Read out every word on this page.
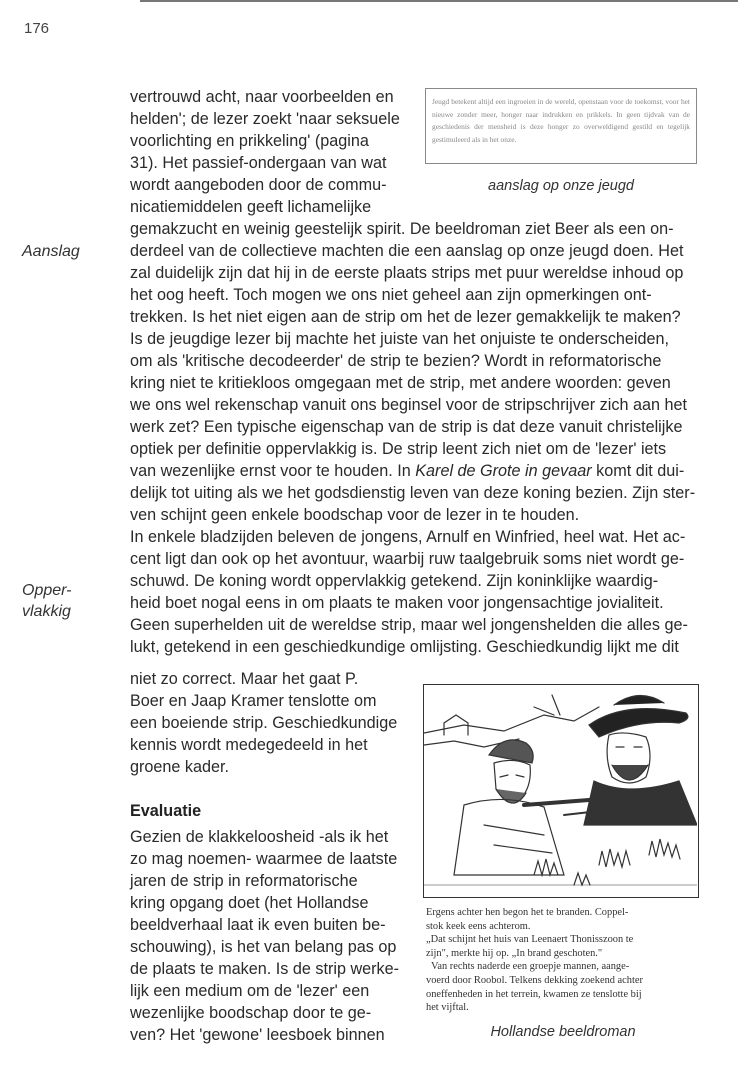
176
Aanslag
Opper-
vlakkig
vertrouwd acht, naar voorbeelden en
helden'; de lezer zoekt 'naar seksuele
voorlichting en prikkeling' (pagina
31). Het passief-ondergaan van wat
wordt aangeboden door de commu-
nicatiemiddelen geeft lichamelijke
Jeugd betekent altijd een ingroeien in de wereld, openstaan voor de toekomst, voor het nieuwe zonder meer, honger naar indrukken en prikkels. In geen tijdvak van de geschiedenis der mensheid is deze honger zo overweldigend gestild en tegelijk gestimuleerd als in het onze.
aanslag op onze jeugd
gemakzucht en weinig geestelijk spirit. De beeldroman ziet Beer als een on-
derdeel van de collectieve machten die een aanslag op onze jeugd doen. Het
zal duidelijk zijn dat hij in de eerste plaats strips met puur wereldse inhoud op
het oog heeft. Toch mogen we ons niet geheel aan zijn opmerkingen ont-
trekken. Is het niet eigen aan de strip om het de lezer gemakkelijk te maken?
Is de jeugdige lezer bij machte het juiste van het onjuiste te onderscheiden,
om als 'kritische decodeerder' de strip te bezien? Wordt in reformatorische
kring niet te kritiekloos omgegaan met de strip, met andere woorden: geven
we ons wel rekenschap vanuit ons beginsel voor de stripschrijver zich aan het
werk zet? Een typische eigenschap van de strip is dat deze vanuit christelijke
optiek per definitie oppervlakkig is. De strip leent zich niet om de 'lezer' iets
van wezenlijke ernst voor te houden. In Karel de Grote in gevaar komt dit dui-
delijk tot uiting als we het godsdienstig leven van deze koning bezien. Zijn ster-
ven schijnt geen enkele boodschap voor de lezer in te houden.
In enkele bladzijden beleven de jongens, Arnulf en Winfried, heel wat. Het ac-
cent ligt dan ook op het avontuur, waarbij ruw taalgebruik soms niet wordt ge-
schuwd. De koning wordt oppervlakkig getekend. Zijn koninklijke waardig-
heid boet nogal eens in om plaats te maken voor jongensachtige jovialiteit.
Geen superhelden uit de wereldse strip, maar wel jongenshelden die alles ge-
lukt, getekend in een geschiedkundige omlijsting. Geschiedkundig lijkt me dit
niet zo correct. Maar het gaat P.
Boer en Jaap Kramer tenslotte om
een boeiende strip. Geschiedkundige
kennis wordt medegedeeld in het
groene kader.
Evaluatie
Gezien de klakkeloosheid -als ik het
zo mag noemen- waarmee de laatste
jaren de strip in reformatorische
kring opgang doet (het Hollandse
beeldverhaal laat ik even buiten be-
schouwing), is het van belang pas op
de plaats te maken. Is de strip werke-
lijk een medium om de 'lezer' een
wezenlijke boodschap door te ge-
ven? Het 'gewone' leesboek binnen
Ergens achter hen begon het te branden. Coppel-
stok keek eens achterom.
„Dat schijnt het huis van Leenaert Thonisszoon te
zijn", merkte hij op. „In brand geschoten."
Van rechts naderde een groepje mannen, aange-
voerd door Roobol. Telkens dekking zoekend achter
oneffenheden in het terrein, kwamen ze tenslotte bij
het vijftal.
Hollandse beeldroman
